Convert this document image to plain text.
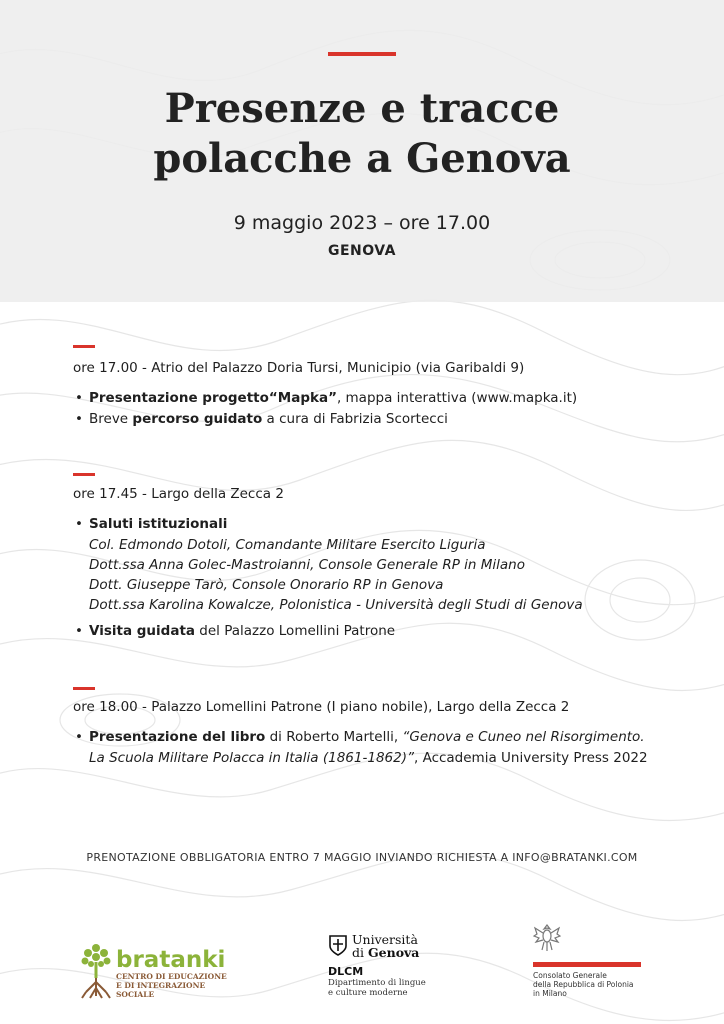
Presenze e tracce
polacche a Genova
9 maggio 2023 – ore 17.00
GENOVA
ore 17.00 - Atrio del Palazzo Doria Tursi, Municipio (via Garibaldi 9)
• Presentazione progetto“Mapka”, mappa interattiva (www.mapka.it)
• Breve percorso guidato a cura di Fabrizia Scortecci
ore 17.45 - Largo della Zecca 2
• Saluti istituzionali
Col. Edmondo Dotoli, Comandante Militare Esercito Liguria
Dott.ssa Anna Golec-Mastroianni, Console Generale RP in Milano
Dott. Giuseppe Tarò, Console Onorario RP in Genova
Dott.ssa Karolina Kowalcze, Polonistica - Università degli Studi di Genova
• Visita guidata del Palazzo Lomellini Patrone
ore 18.00 - Palazzo Lomellini Patrone (I piano nobile), Largo della Zecca 2
• Presentazione del libro di Roberto Martelli, “Genova e Cuneo nel Risorgimento.
La Scuola Militare Polacca in Italia (1861-1862)”, Accademia University Press 2022
PRENOTAZIONE OBBLIGATORIA ENTRO 7 MAGGIO INVIANDO RICHIESTA A INFO@BRATANKI.COM
bratanki
CENTRO DI EDUCAZIONE
E DI INTEGRAZIONE SOCIALE
Università
di Genova
DLCM
Dipartimento di lingue
e culture moderne
Consolato Generale
della Repubblica di Polonia
in Milano
